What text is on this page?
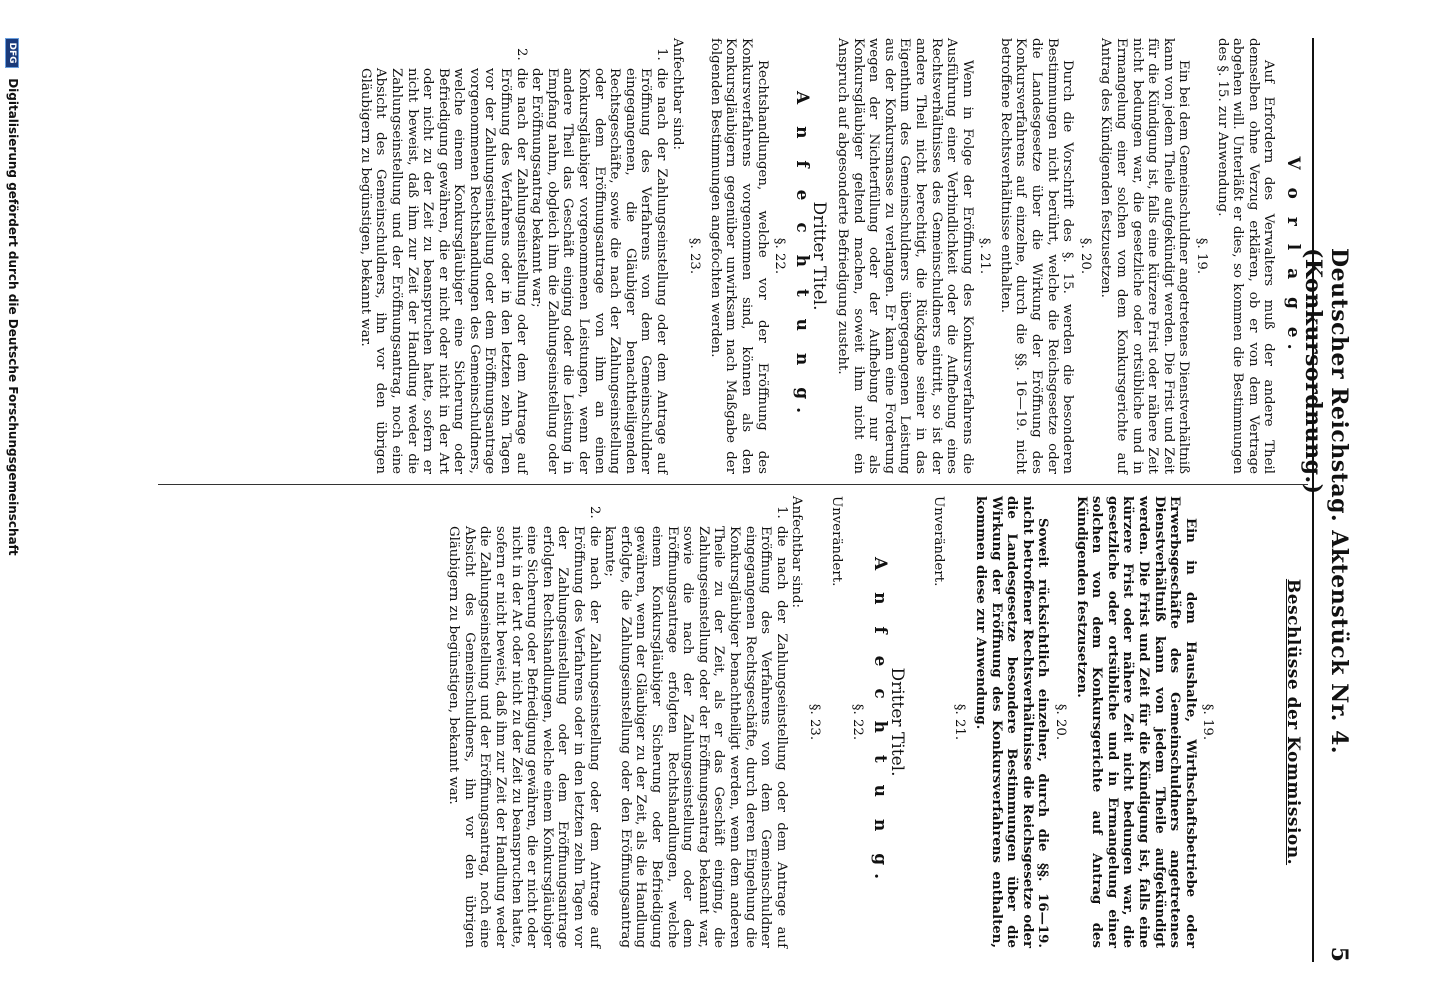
Deutscher Reichstag. Aktenstück Nr. 4. (Konkursordnung.)
5
V o r l a g e.

Auf Erfordern des Verwalters muß der andere Theil demselben ohne Verzug erklären, ob er von dem Vertrage abgehen will. Unterläßt er dies, so kommen die Bestimmungen des §. 15. zur Anwendung.

§. 19.

Ein bei dem Gemeinschuldner angetretenes Dienstverhältniß kann von jedem Theile aufgekündigt werden. Die Frist und Zeit für die Kündigung ist, falls eine kürzere Frist oder nähere Zeit nicht bedungen war, die gesetzliche oder ortsübliche und in Ermangelung einer solchen vom dem Konkursgerichte auf Antrag des Kündigenden festzusetzen.

§. 20.

Durch die Vorschrift des §. 15. werden die besonderen Bestimmungen nicht berührt, welche die Reichsgesetze oder die Landesgesetze über die Wirkung der Eröffnung des Konkursverfahrens auf einzelne, durch die §§. 16—19. nicht betroffene Rechtsverhältnisse enthalten.

§. 21.

Wenn in Folge der Eröffnung des Konkursverfahrens die Ausführung einer Verbindlichkeit oder die Aufhebung eines Rechtsverhältnisses des Gemeinschuldners eintritt, so ist der andere Theil nicht berechtigt, die Rückgabe seiner in das Eigenthum des Gemeinschuldners übergegangenen Leistung aus der Konkursmasse zu verlangen. Er kann eine Forderung wegen der Nichterfüllung oder der Aufhebung nur als Konkursgläubiger geltend machen, soweit ihm nicht ein Anspruch auf abgesonderte Befriedigung zusteht.

Dritter Titel.
A n f e c h t u n g.
§. 22.

Rechtshandlungen, welche vor der Eröffnung des Konkursverfahrens vorgenommen sind, können als den Konkursgläubigern gegenüber unwirksam nach Maßgabe der folgenden Bestimmungen angefochten werden.

§. 23.

Anfechtbar sind:

1.
die nach der Zahlungseinstellung oder dem Antrage auf Eröffnung des Verfahrens von dem Gemeinschuldner eingegangenen, die Gläubiger benachtheiligenden Rechtsgeschäfte, sowie die nach der Zahlungseinstellung oder dem Eröffnungsantrage von ihm an einen Konkursgläubiger vorgenommenen Leistungen, wenn der andere Theil das Geschäft einging oder die Leistung in Empfang nahm, obgleich ihm die Zahlungseinstellung oder der Eröffnungsantrag bekannt war;

2.
die nach der Zahlungseinstellung oder dem Antrage auf Eröffnung des Verfahrens oder in den letzten zehn Tagen vor der Zahlungseinstellung oder dem Eröffnungsantrage vorgenommenen Rechtshandlungen des Gemeinschuldners, welche einem Konkursgläubiger eine Sicherung oder Befriedigung gewähren, die er nicht oder nicht in der Art oder nicht zu der Zeit zu beanspruchen hatte, sofern er nicht beweist, daß ihm zur Zeit der Handlung weder die Zahlungseinstellung und der Eröffnungsantrag, noch eine Absicht des Gemeinschuldners, ihn vor den übrigen Gläubigern zu begünstigen, bekannt war.

Beschlüsse der Kommission.
§. 19.

Ein in dem Haushalte, Wirthschaftsbetriebe oder Erwerbsgeschäfte des Gemeinschuldners angetretenes Dienstverhältniß kann von jedem Theile aufgekündigt werden. Die Frist und Zeit für die Kündigung ist, falls eine kürzere Frist oder nähere Zeit nicht bedungen war, die gesetzliche oder ortsübliche und in Ermangelung einer solchen von dem Konkursgerichte auf Antrag des Kündigenden festzusetzen.

§. 20.

Soweit rücksichtlich einzelner, durch die §§. 16—19. nicht betroffener Rechtsverhältnisse die Reichsgesetze oder die Landesgesetze besondere Bestimmungen über die Wirkung der Eröffnung des Konkursverfahrens enthalten, kommen diese zur Anwendung.

§. 21.

Unverändert.

Dritter Titel.
A n f e c h t u n g.
§. 22.

Unverändert.

§. 23.

Anfechtbar sind:

1.
die nach der Zahlungseinstellung oder dem Antrage auf Eröffnung des Verfahrens von dem Gemeinschuldner eingegangenen Rechtsgeschäfte, durch deren Eingehung die Konkursgläubiger benachtheiligt werden, wenn dem anderen Theile zu der Zeit, als er das Geschäft einging, die Zahlungseinstellung oder der Eröffnungsantrag bekannt war, sowie die nach der Zahlungseinstellung oder dem Eröffnungsantrage erfolgten Rechtshandlungen, welche einem Konkursgläubiger Sicherung oder Befriedigung gewähren, wenn der Gläubiger zu der Zeit, als die Handlung erfolgte, die Zahlungseinstellung oder den Eröffnungsantrag kannte;

2.
die nach der Zahlungseinstellung oder dem Antrage auf Eröffnung des Verfahrens oder in den letzten zehn Tagen vor der Zahlungseinstellung oder dem Eröffnungsantrage erfolgten Rechtshandlungen, welche einem Konkursgläubiger eine Sicherung oder Befriedigung gewähren, die er nicht oder nicht in der Art oder nicht zu der Zeit zu beanspruchen hatte, sofern er nicht beweist, daß ihm zur Zeit der Handlung weder die Zahlungseinstellung und der Eröffnungsantrag, noch eine Absicht des Gemeinschuldners, ihn vor den übrigen Gläubigern zu begünstigen, bekannt war.

DFG Digitalisierung gefördert durch die Deutsche Forschungsgemeinschaft
